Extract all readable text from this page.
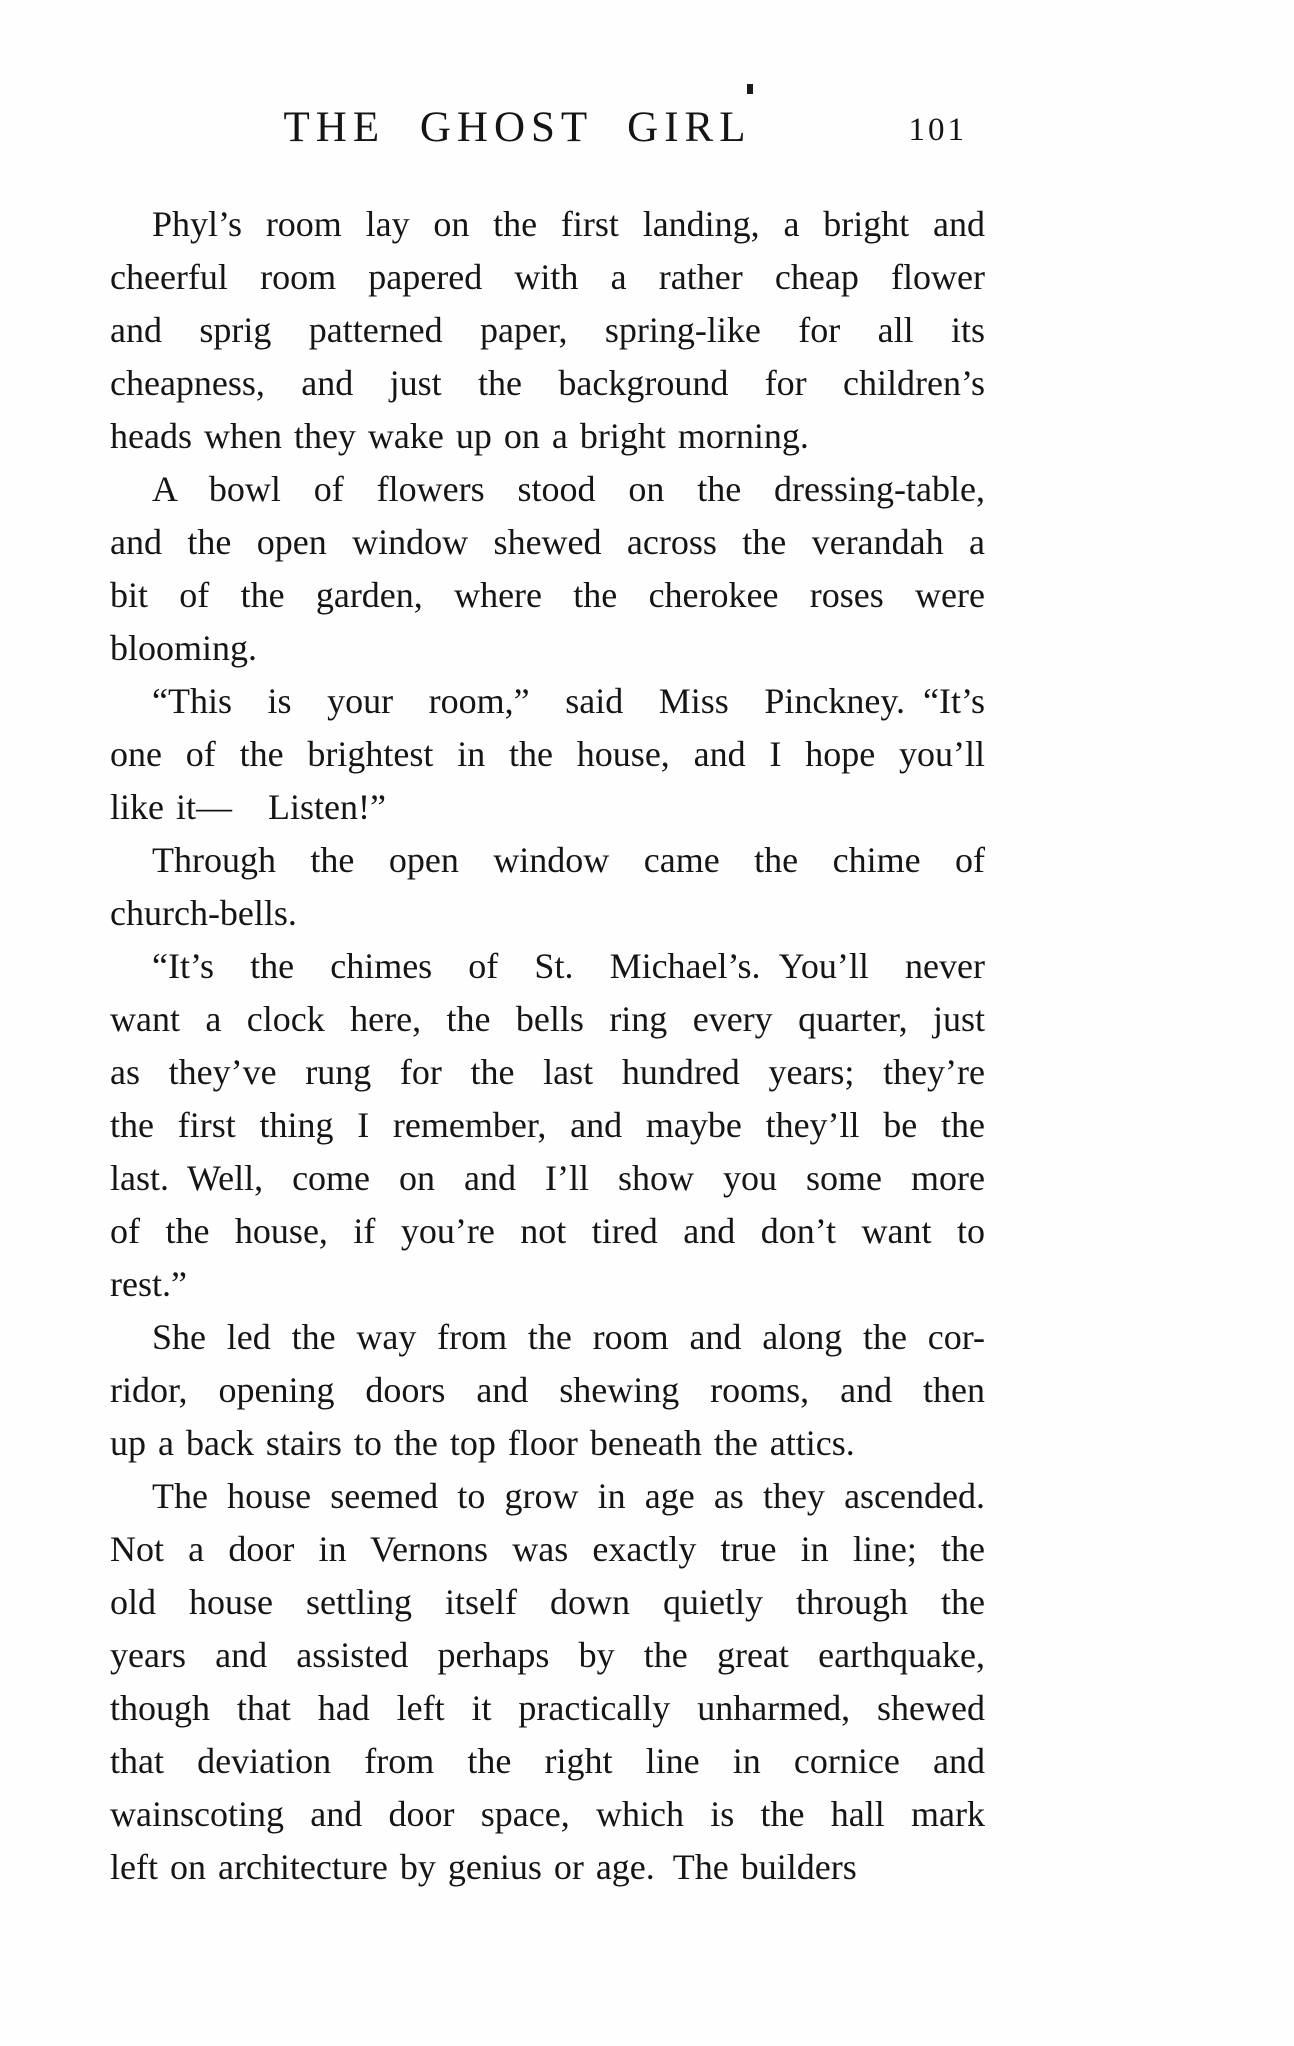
THE GHOST GIRL	101

Phyl’s room lay on the first landing, a bright and
cheerful room papered with a rather cheap flower
and sprig patterned paper, spring-like for all its
cheapness, and just the background for children’s
heads when they wake up on a bright morning.

A bowl of flowers stood on the dressing-table,
and the open window shewed across the verandah a
bit of the garden, where the cherokee roses were
blooming.

“This is your room,” said Miss Pinckney. “It’s
one of the brightest in the house, and I hope you’ll
like it— Listen!”

Through the open window came the chime of
church-bells.

“It’s the chimes of St. Michael’s. You’ll never
want a clock here, the bells ring every quarter, just
as they’ve rung for the last hundred years; they’re
the first thing I remember, and maybe they’ll be the
last. Well, come on and I’ll show you some more
of the house, if you’re not tired and don’t want to
rest.”

She led the way from the room and along the cor-
ridor, opening doors and shewing rooms, and then
up a back stairs to the top floor beneath the attics.

The house seemed to grow in age as they ascended.
Not a door in Vernons was exactly true in line; the
old house settling itself down quietly through the
years and assisted perhaps by the great earthquake,
though that had left it practically unharmed, shewed
that deviation from the right line in cornice and
wainscoting and door space, which is the hall mark
left on architecture by genius or age. The builders
